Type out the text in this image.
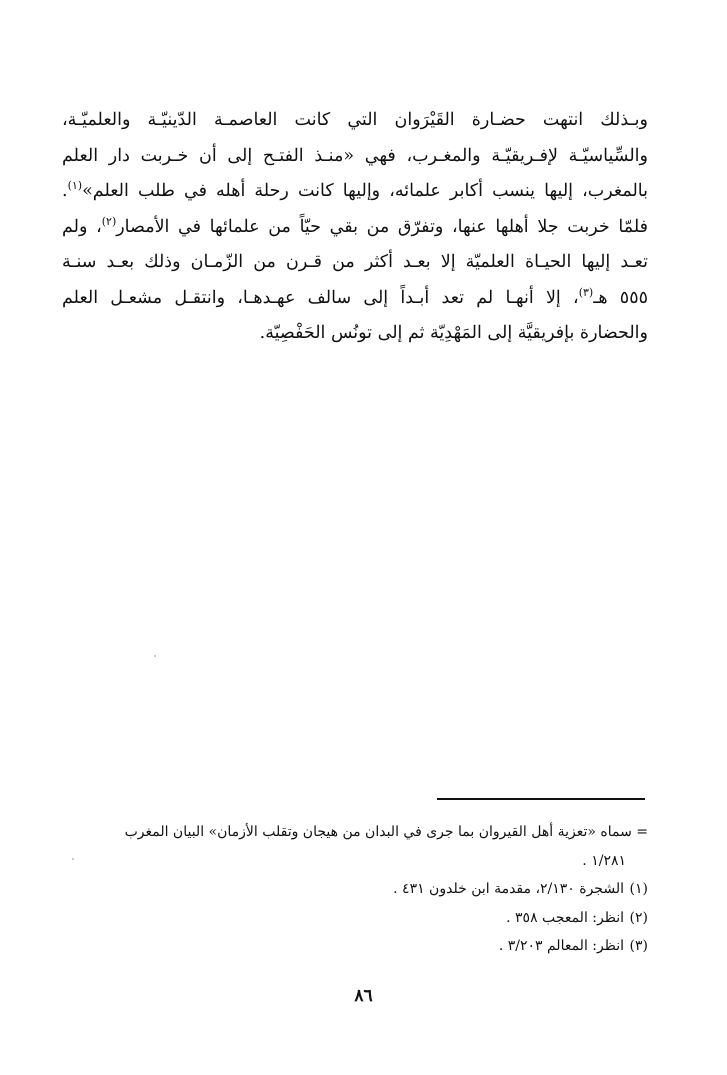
وبـذلك انتهت حضـارة القَيْرَوان التي كانت العاصمـة الدّينيّـة والعلميّـة،
والسِّياسيّـة لإفـريقيّـة والمغـرب، فهي «منـذ الفتـح إلى أن خـربت دار العلم
بالمغرب، إليها ينسب أكابر علمائه، وإليها كانت رحلة أهله في طلب العلم»$^{(١)}$.
فلمّا خربت جلا أهلها عنها، وتفرّق من بقي حيّاً من علمائها في الأمصار$^{(٢)}$، ولم
تعـد إليها الحيـاة العلميّة إلا بعـد أكثر من قـرن من الزّمـان وذلك بعـد سنـة
٥٥٥ هـ$^{(٣)}$، إلا أنهـا لم تعد أبـداً إلى سالف عهـدهـا، وانتقـل مشعـل العلم
والحضارة بإفريقيَّة إلى المَهْدِيّة ثم إلى تونُس الحَفْصِيّة.
= سماه «تعزية أهل القيروان بما جرى في البدان من هيجان وتقلب الأزمان» البيان المغرب
١/٢٨١ .
(١)الشجرة ٢/١٣٠، مقدمة ابن خلدون ٤٣١ .
(٢)انظر: المعجب ٣٥٨ .
(٣)انظر: المعالم ٣/٢٠٣ .
٨٦
